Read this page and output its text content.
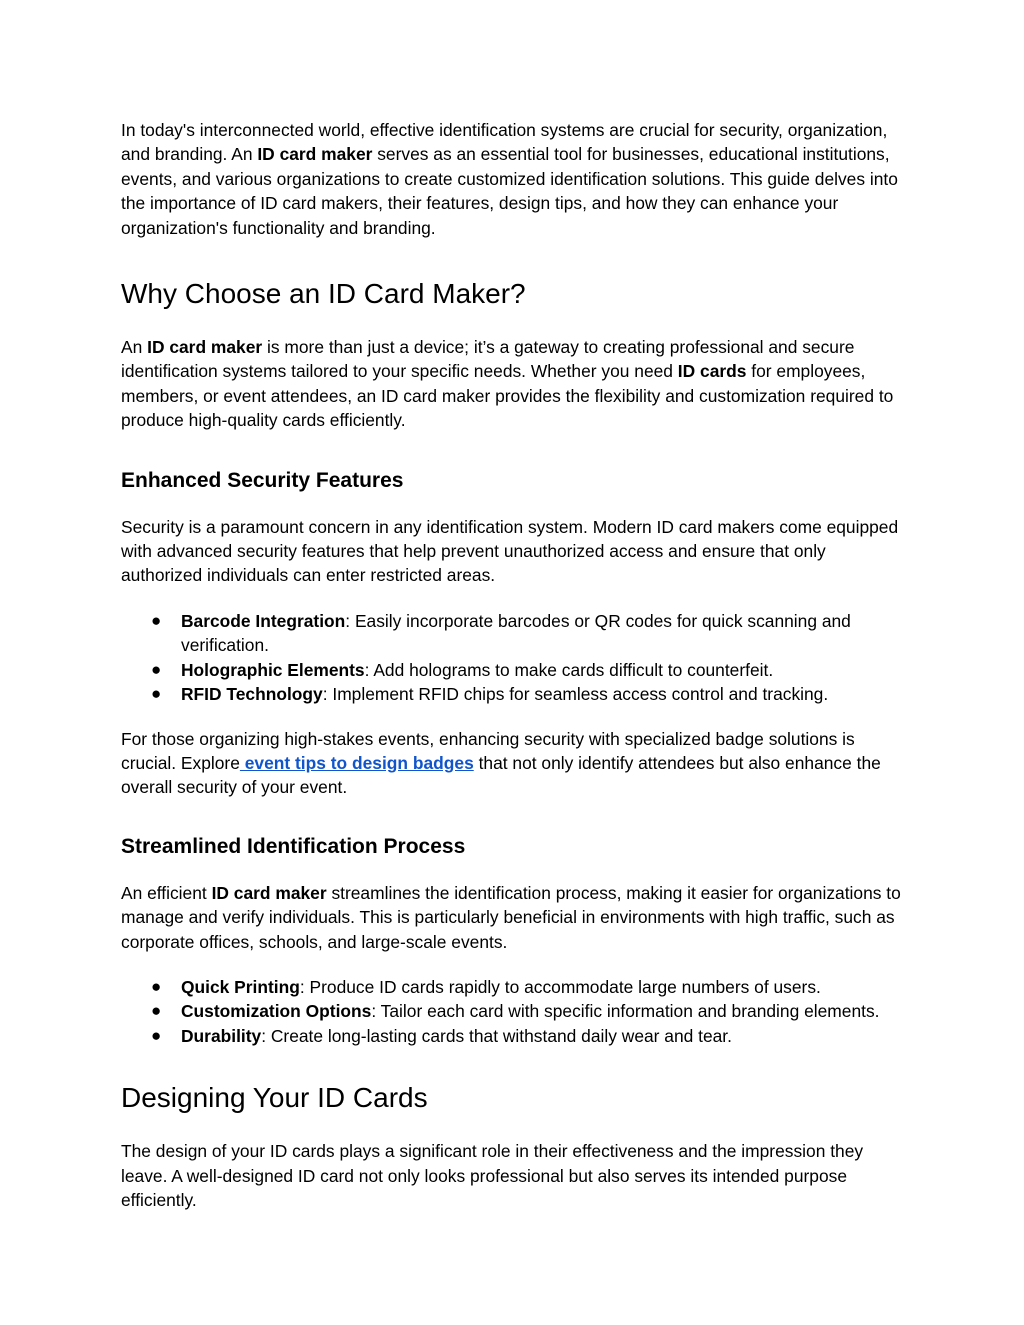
In today's interconnected world, effective identification systems are crucial for security, organization, and branding. An ID card maker serves as an essential tool for businesses, educational institutions, events, and various organizations to create customized identification solutions. This guide delves into the importance of ID card makers, their features, design tips, and how they can enhance your organization's functionality and branding.

Why Choose an ID Card Maker?

An ID card maker is more than just a device; it’s a gateway to creating professional and secure identification systems tailored to your specific needs. Whether you need ID cards for employees, members, or event attendees, an ID card maker provides the flexibility and customization required to produce high-quality cards efficiently.

Enhanced Security Features

Security is a paramount concern in any identification system. Modern ID card makers come equipped with advanced security features that help prevent unauthorized access and ensure that only authorized individuals can enter restricted areas.

● Barcode Integration: Easily incorporate barcodes or QR codes for quick scanning and verification.
● Holographic Elements: Add holograms to make cards difficult to counterfeit.
● RFID Technology: Implement RFID chips for seamless access control and tracking.

For those organizing high-stakes events, enhancing security with specialized badge solutions is crucial. Explore event tips to design badges that not only identify attendees but also enhance the overall security of your event.

Streamlined Identification Process

An efficient ID card maker streamlines the identification process, making it easier for organizations to manage and verify individuals. This is particularly beneficial in environments with high traffic, such as corporate offices, schools, and large-scale events.

● Quick Printing: Produce ID cards rapidly to accommodate large numbers of users.
● Customization Options: Tailor each card with specific information and branding elements.
● Durability: Create long-lasting cards that withstand daily wear and tear.
Designing Your ID Cards

The design of your ID cards plays a significant role in their effectiveness and the impression they leave. A well-designed ID card not only looks professional but also serves its intended purpose efficiently.
